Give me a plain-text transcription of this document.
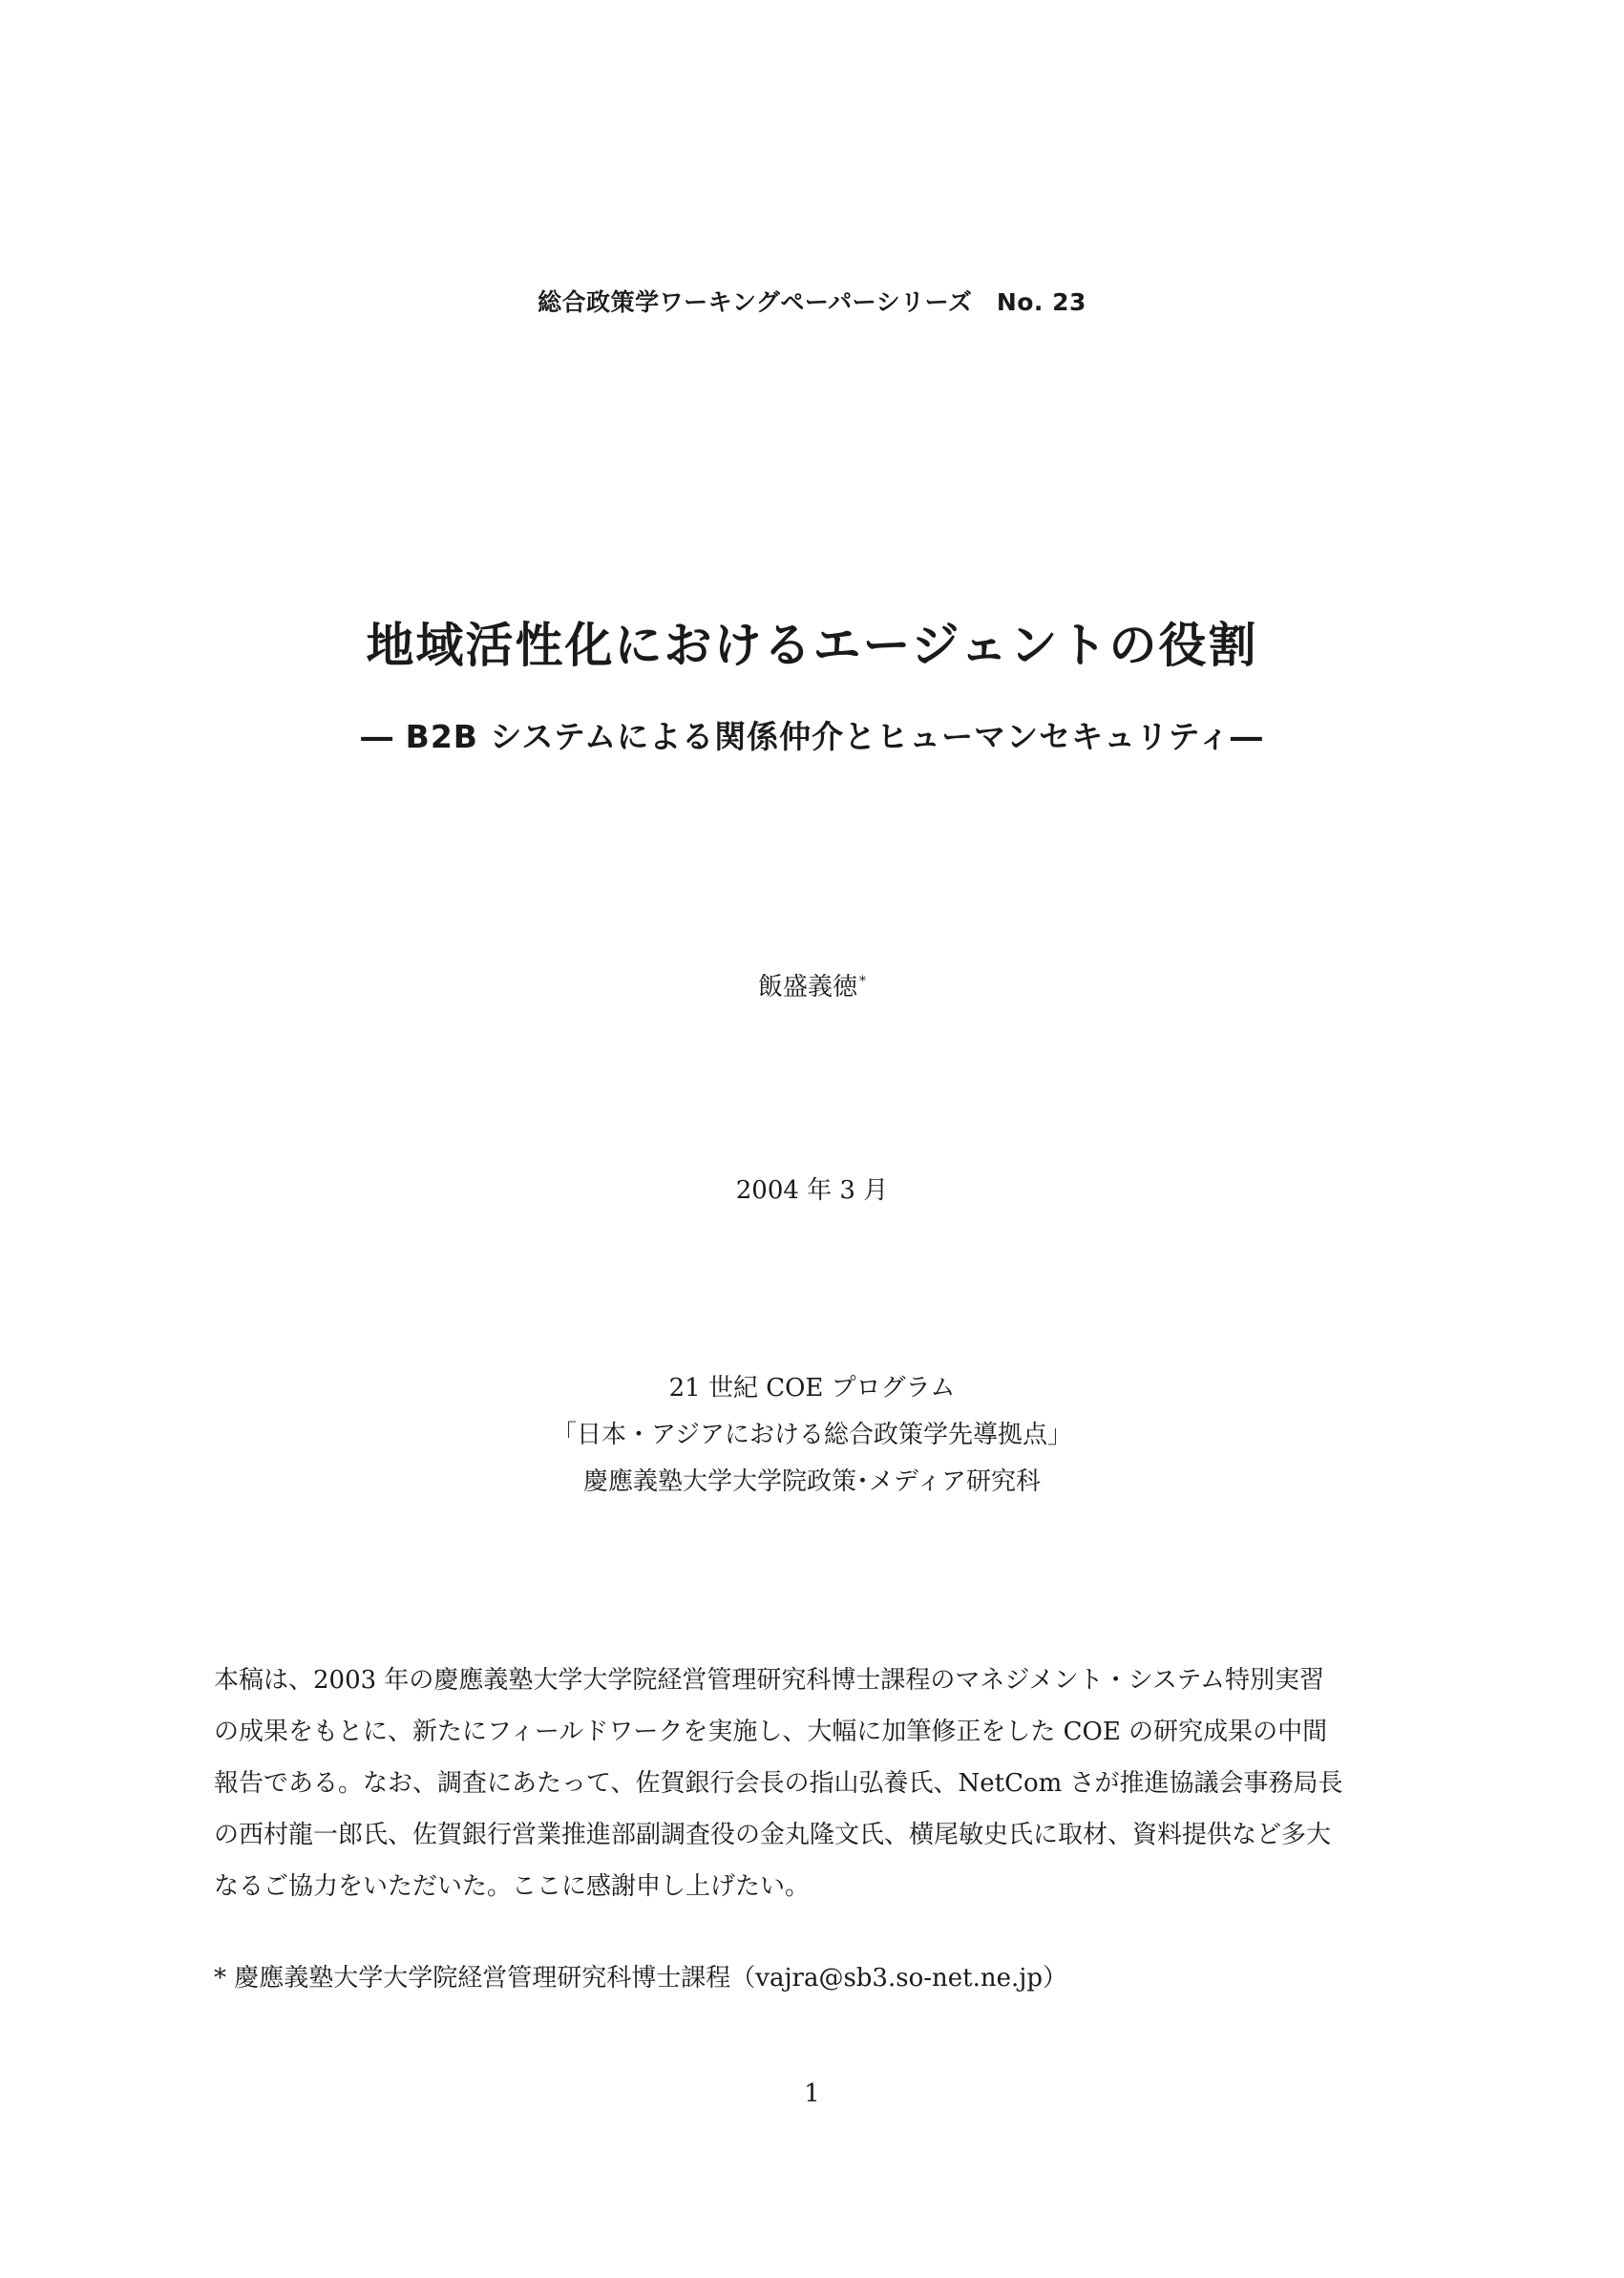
総合政策学ワーキングペーパーシリーズ　No. 23
地域活性化におけるエージェントの役割
― B2B システムによる関係仲介とヒューマンセキュリティ―
飯盛義徳 *
2004 年 3 月
21 世紀 COE プログラム
「日本・アジアにおける総合政策学先導拠点」
慶應義塾大学大学院政策･メディア研究科
本稿は、2003 年の慶應義塾大学大学院経営管理研究科博士課程のマネジメント・システム特別実習
の成果をもとに、新たにフィールドワークを実施し、大幅に加筆修正をした COE の研究成果の中間
報告である。なお、調査にあたって、佐賀銀行会長の指山弘養氏、NetCom さが推進協議会事務局長
の西村龍一郎氏、佐賀銀行営業推進部副調査役の金丸隆文氏、横尾敏史氏に取材、資料提供など多大
なるご協力をいただいた。ここに感謝申し上げたい。
* 慶應義塾大学大学院経営管理研究科博士課程（vajra@sb3.so-net.ne.jp）
1
